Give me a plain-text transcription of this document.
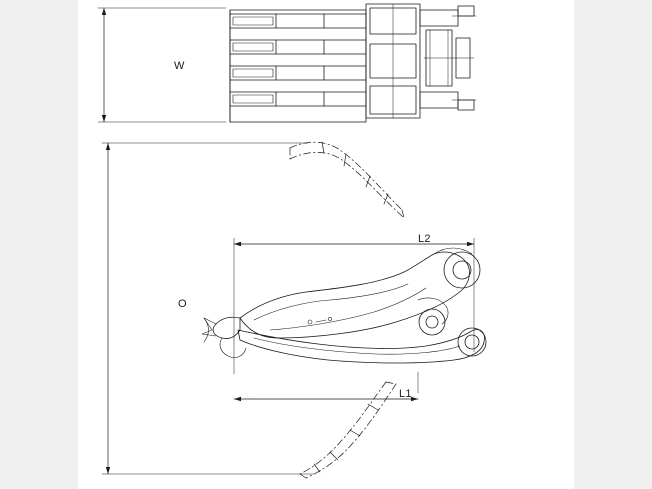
W
O
L2
L1
